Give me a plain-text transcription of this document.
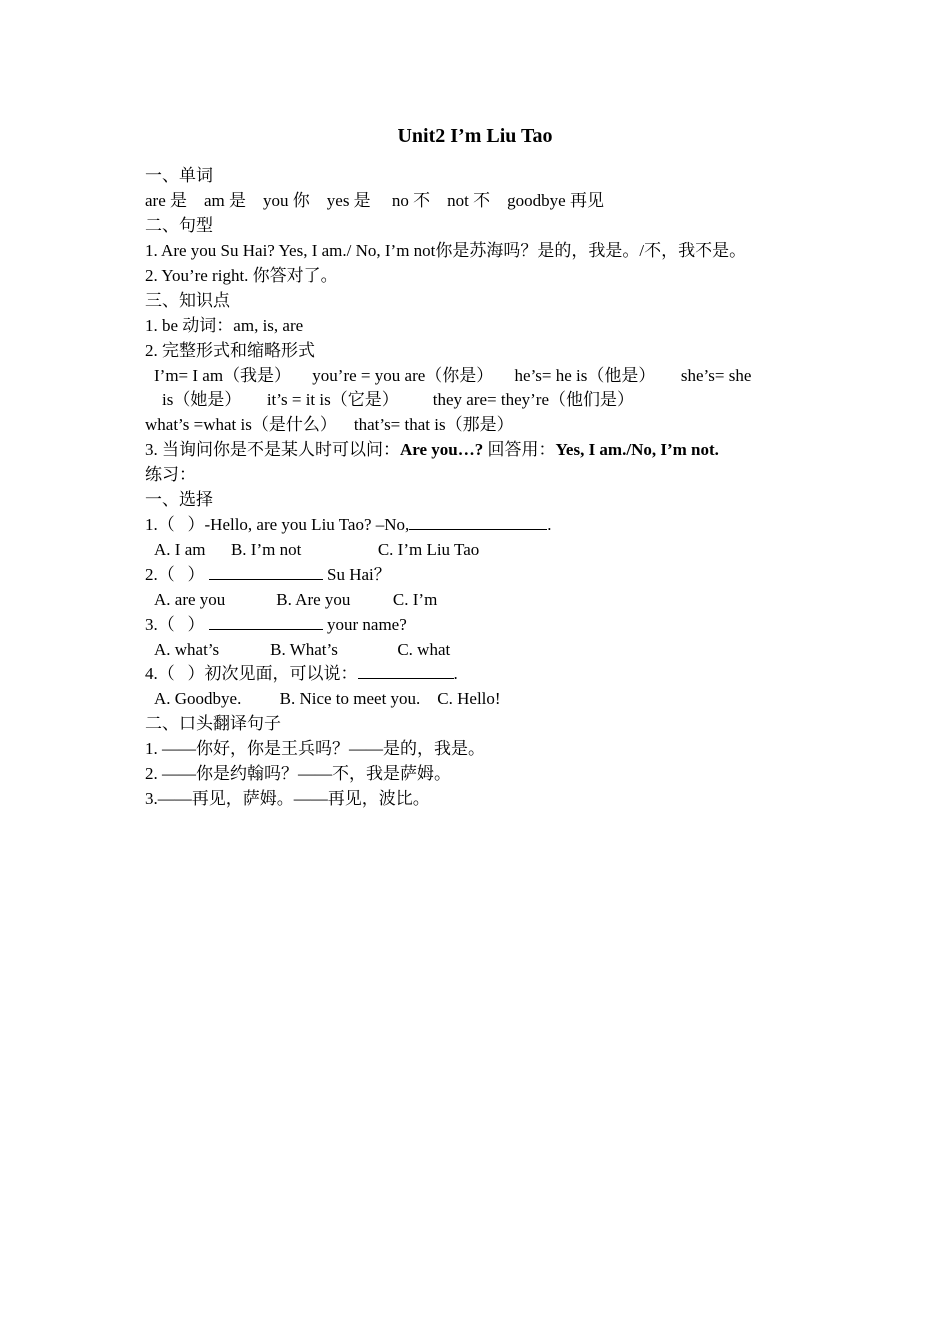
Unit2 I’m Liu Tao
一、单词
are 是    am 是    you 你    yes 是     no 不    not 不    goodbye 再见
二、句型
1. Are you Su Hai? Yes, I am./ No, I’m not你是苏海吗？是的，我是。/不，我不是。
2. You’re right. 你答对了。
三、知识点
1. be 动词：am, is, are
2. 完整形式和缩略形式
I’m= I am（我是）     you’re = you are（你是）     he’s= he is（他是）      she’s= she
is（她是）      it’s = it is（它是）        they are= they’re（他们是）
what’s =what is（是什么）    that’s= that is（那是）
3. 当询问你是不是某人时可以问：Are you…? 回答用：Yes, I am./No, I’m not.
练习：
一、选择
1.（   ）-Hello, are you Liu Tao? –No,	.
A. I am      B. I’m not                  C. I’m Liu Tao
2.（   ）	Su Hai？
A. are you            B. Are you          C. I’m
3.（   ）	your name?
A. what’s            B. What’s              C. what
4.（   ）初次见面，可以说：	.
A. Goodbye.         B. Nice to meet you.    C. Hello!
二、口头翻译句子
1. ——你好，你是王兵吗？——是的，我是。
2. ——你是约翰吗？——不，我是萨姆。
3.——再见，萨姆。——再见，波比。
